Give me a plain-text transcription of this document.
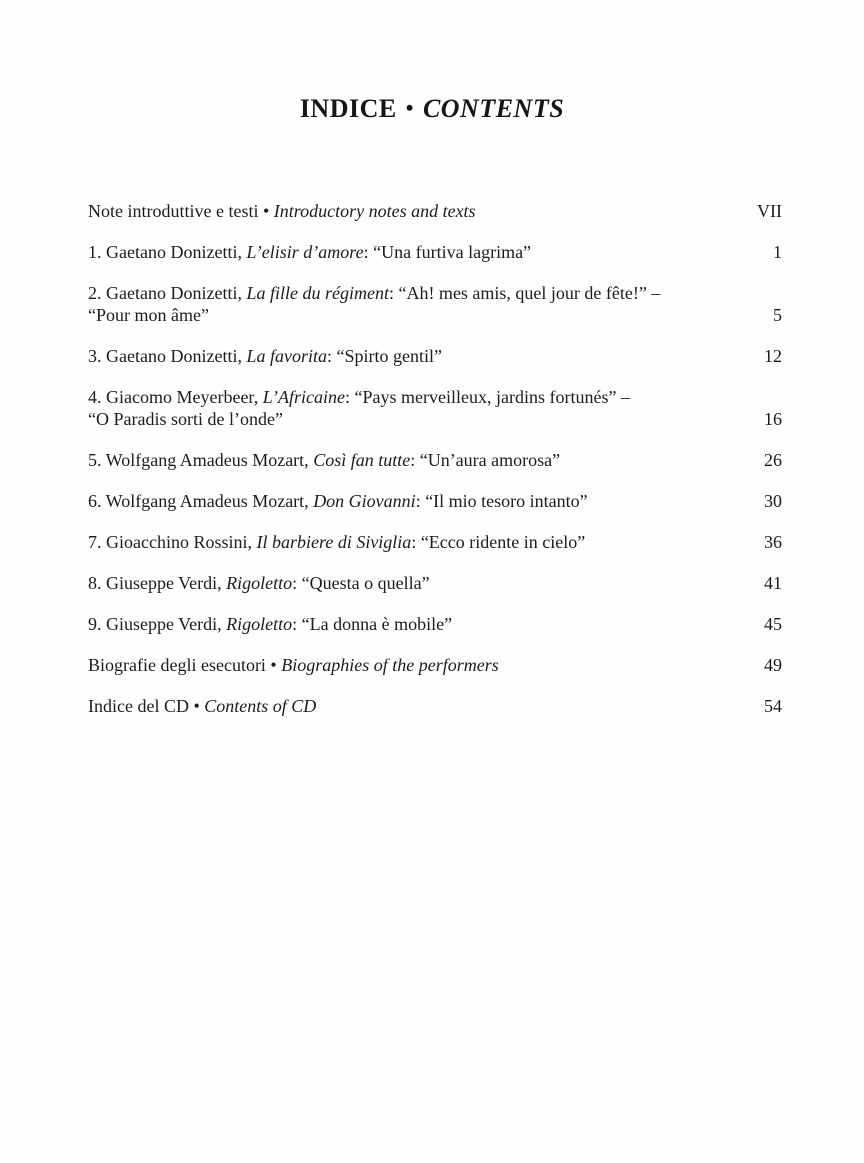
INDICE • CONTENTS
Note introduttive e testi • Introductory notes and texts	VII
1. Gaetano Donizetti, L’elisir d’amore: “Una furtiva lagrima”	1
2. Gaetano Donizetti, La fille du régiment: “Ah! mes amis, quel jour de fête!” –
“Pour mon âme”	5
3. Gaetano Donizetti, La favorita: “Spirto gentil”	12
4. Giacomo Meyerbeer, L’Africaine: “Pays merveilleux, jardins fortunés” –
“O Paradis sorti de l’onde”	16
5. Wolfgang Amadeus Mozart, Così fan tutte: “Un’aura amorosa”	26
6. Wolfgang Amadeus Mozart, Don Giovanni: “Il mio tesoro intanto”	30
7. Gioacchino Rossini, Il barbiere di Siviglia: “Ecco ridente in cielo”	36
8. Giuseppe Verdi, Rigoletto: “Questa o quella”	41
9. Giuseppe Verdi, Rigoletto: “La donna è mobile”	45
Biografie degli esecutori • Biographies of the performers	49
Indice del CD • Contents of CD	54
